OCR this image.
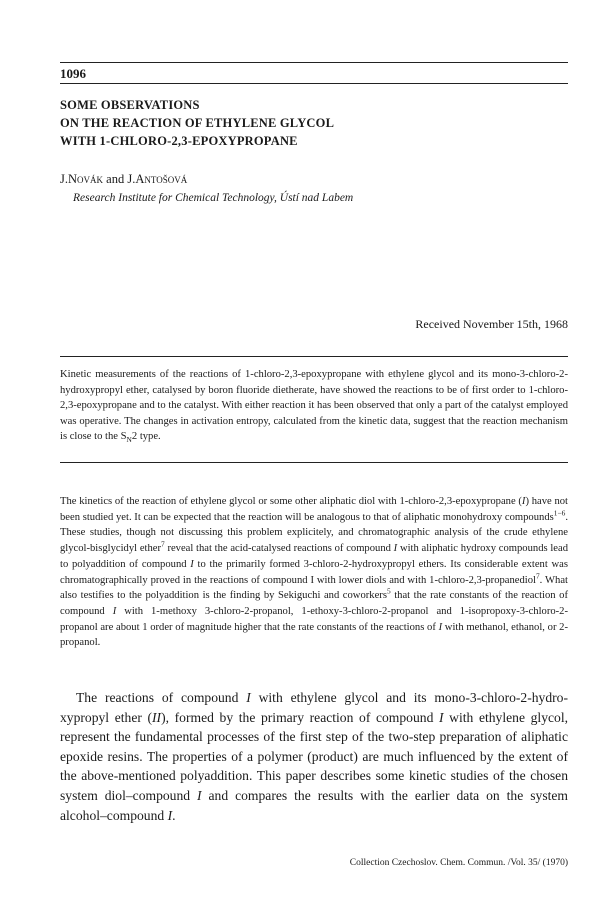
1096
SOME OBSERVATIONS
ON THE REACTION OF ETHYLENE GLYCOL
WITH 1-CHLORO-2,3-EPOXYPROPANE
J.Novák and J.Antošová
Research Institute for Chemical Technology, Ústí nad Labem
Received November 15th, 1968
Kinetic measurements of the reactions of 1-chloro-2,3-epoxypropane with ethylene glycol and its mono-3-chloro-2-hydroxypropyl ether, catalysed by boron fluoride dietherate, have showed the reactions to be of first order to 1-chloro-2,3-epoxypropane and to the catalyst. With either reaction it has been observed that only a part of the catalyst employed was operative. The changes in activation entropy, calculated from the kinetic data, suggest that the reaction mechanism is close to the $S_N2$ type.
The kinetics of the reaction of ethylene glycol or some other aliphatic diol with 1-chloro-2,3-epoxypropane (I) have not been studied yet. It can be expected that the reaction will be analogous to that of aliphatic monohydroxy compounds$^{1-6}$. These studies, though not discussing this problem explicitely, and chromatographic analysis of the crude ethylene glycol-bisglycidyl ether$^7$ reveal that the acid-catalysed reactions of compound I with aliphatic hydroxy compounds lead to polyaddition of compound I to the primarily formed 3-chloro-2-hydroxypropyl ethers. Its considerable extent was chromatographically proved in the reactions of compound I with lower diols and with 1-chloro-2,3-propanediol$^7$. What also testifies to the polyaddition is the finding by Sekiguchi and coworkers$^5$ that the rate constants of the reaction of compound I with 1-methoxy 3-chloro-2-propanol, 1-ethoxy-3-chloro-2-propanol and 1-isopropoxy-3-chloro-2-propanol are about 1 order of magnitude higher that the rate constants of the reactions of I with methanol, ethanol, or 2-propanol.
The reactions of compound I with ethylene glycol and its mono-3-chloro-2-hydro-xypropyl ether (II), formed by the primary reaction of compound I with ethylene glycol, represent the fundamental processes of the first step of the two-step preparation of aliphatic epoxide resins. The properties of a polymer (product) are much influenced by the extent of the above-mentioned polyaddition. This paper describes some kinetic studies of the chosen system diol–compound I and compares the results with the earlier data on the system alcohol–compound I.
Collection Czechoslov. Chem. Commun. /Vol. 35/ (1970)
